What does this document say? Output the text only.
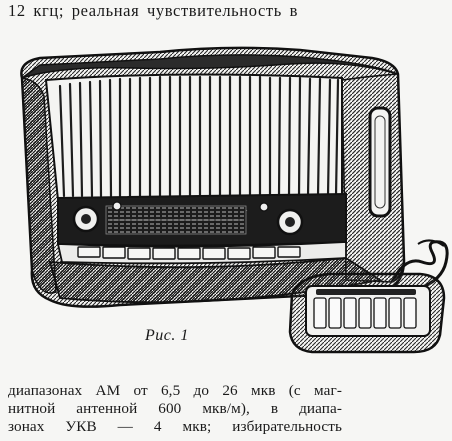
12 кгц; реальная чувствительность в
·
Рис. 1
диапазонах АМ от 6,5 до 26 мкв (с маг-
нитной антенной 600 мкв/м), в диапа-
зонах УКВ — 4 мкв; избирательность
